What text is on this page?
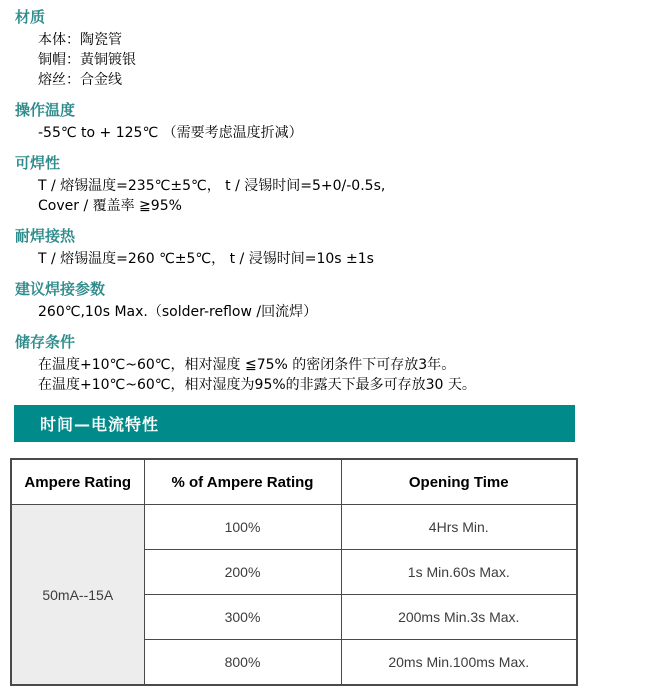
材质
本体：陶瓷管
铜帽：黃铜镀银
熔丝：合金线
操作温度
-55℃ to + 125℃ （需要考虑温度折减）
可焊性
T / 熔锡温度=235℃±5℃， t / 浸锡时间=5+0/-0.5s,
Cover / 覆盖率 ≧95%
耐焊接热
T / 熔锡温度=260 ℃±5℃， t / 浸锡时间=10s ±1s
建议焊接参数
260℃,10s Max.（solder-reflow /回流焊）
储存条件
在温度+10℃~60℃，相对湿度 ≦75% 的密闭条件下可存放3年。
在温度+10℃~60℃，相对湿度为95%的非露天下最多可存放30 天。
时间—电流特性
Ampere Rating	% of Ampere Rating	Opening Time
50mA--15A	100%	4Hrs Min.
	200%	1s Min.60s Max.
	300%	200ms Min.3s Max.
	800%	20ms Min.100ms Max.
